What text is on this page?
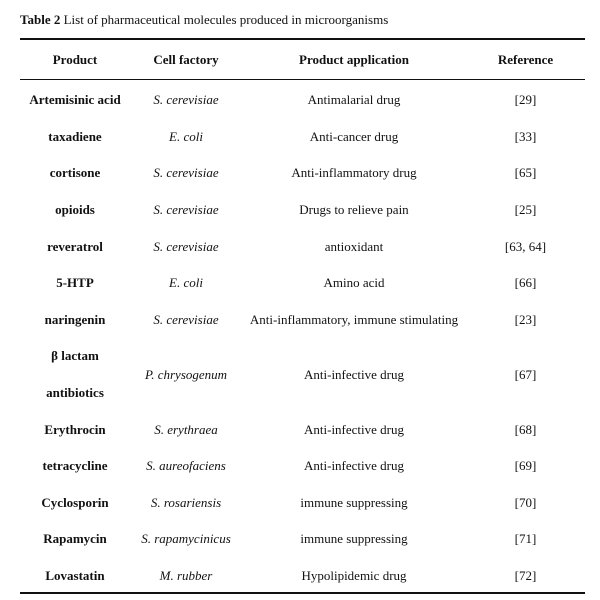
Table 2 List of pharmaceutical molecules produced in microorganisms
Product	Cell factory	Product application	Reference
Artemisinic acid	S. cerevisiae	Antimalarial drug	[29]
taxadiene	E. coli	Anti-cancer drug	[33]
cortisone	S. cerevisiae	Anti-inflammatory drug	[65]
opioids	S. cerevisiae	Drugs to relieve pain	[25]
reveratrol	S. cerevisiae	antioxidant	[63, 64]
5-HTP	E. coli	Amino acid	[66]
naringenin	S. cerevisiae	Anti-inflammatory, immune stimulating	[23]

β lactam
antibiotics	P. chrysogenum	Anti-infective drug	[67]
Erythrocin	S. erythraea	Anti-infective drug	[68]
tetracycline	S. aureofaciens	Anti-infective drug	[69]
Cyclosporin	S. rosariensis	immune suppressing	[70]
Rapamycin	S. rapamycinicus	immune suppressing	[71]
Lovastatin	M. rubber	Hypolipidemic drug	[72]
